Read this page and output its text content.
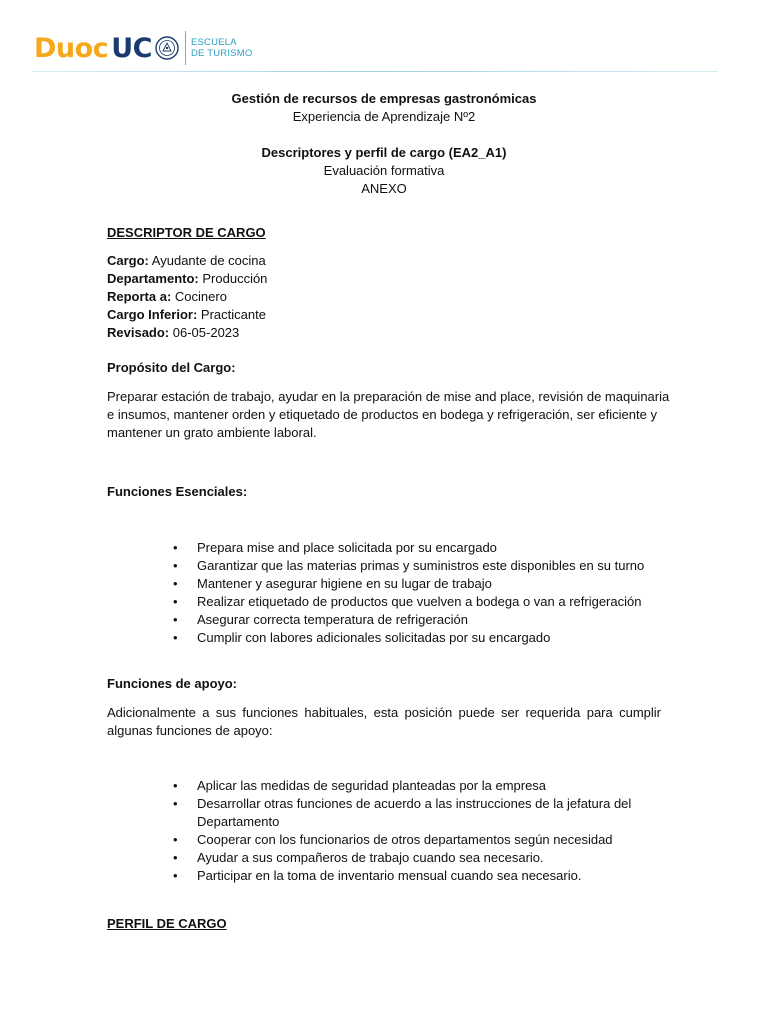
Duoc UC	ESCUELA
DE TURISMO
Gestión de recursos de empresas gastronómicas
Experiencia de Aprendizaje Nº2
Descriptores y perfil de cargo (EA2_A1)
Evaluación formativa
ANEXO
DESCRIPTOR DE CARGO
Cargo: Ayudante de cocina
Departamento: Producción
Reporta a: Cocinero
Cargo Inferior: Practicante
Revisado: 06-05-2023
Propósito del Cargo:
Preparar estación de trabajo, ayudar en la preparación de mise and place, revisión de maquinaria
e insumos, mantener orden y etiquetado de productos en bodega y refrigeración, ser eficiente y
mantener un grato ambiente laboral.
Funciones Esenciales:
• Prepara mise and place solicitada por su encargado
• Garantizar que las materias primas y suministros este disponibles en su turno
• Mantener y asegurar higiene en su lugar de trabajo
• Realizar etiquetado de productos que vuelven a bodega o van a refrigeración
• Asegurar correcta temperatura de refrigeración
• Cumplir con labores adicionales solicitadas por su encargado
Funciones de apoyo:
Adicionalmente a sus funciones habituales, esta posición puede ser requerida para cumplir algunas funciones de apoyo:
• Aplicar las medidas de seguridad planteadas por la empresa
• Desarrollar otras funciones de acuerdo a las instrucciones de la jefatura del Departamento
• Cooperar con los funcionarios de otros departamentos según necesidad
• Ayudar a sus compañeros de trabajo cuando sea necesario.
• Participar en la toma de inventario mensual cuando sea necesario.
PERFIL DE CARGO
